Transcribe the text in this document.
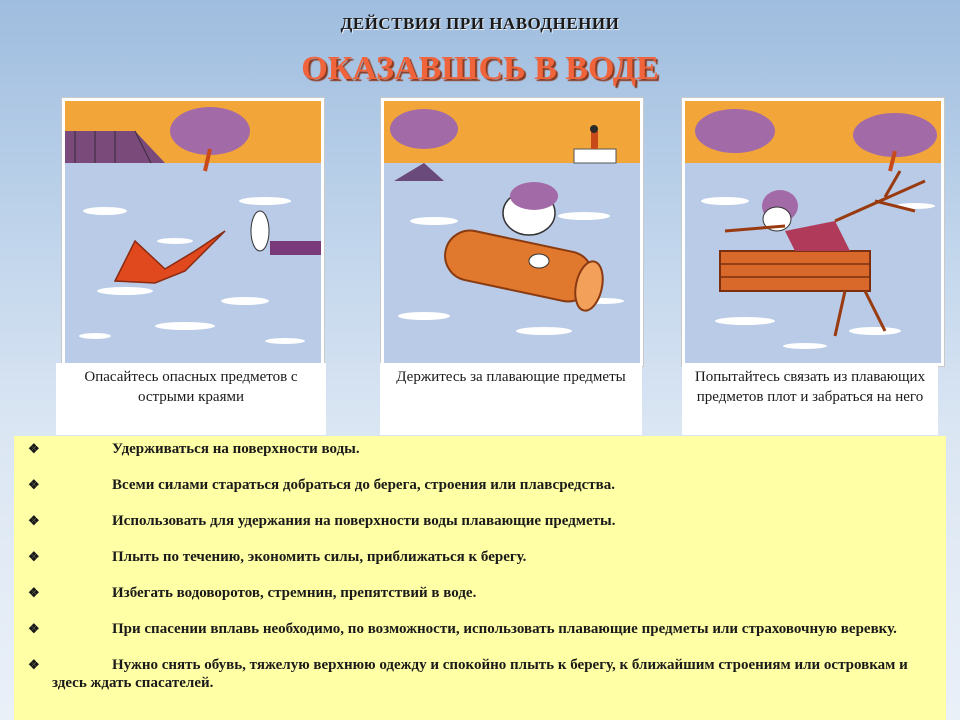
ДЕЙСТВИЯ ПРИ НАВОДНЕНИИ
ОКАЗАВШСЬ В ВОДЕ
Опасайтесь опасных предметов с острыми краями
Держитесь за плавающие предметы	Попытайтесь связать из плавающих предметов плот и забраться на него
❖	Удерживаться на поверхности воды.
❖	Всеми силами стараться добраться до берега, строения или плавсредства.
❖	Использовать для удержания на поверхности воды плавающие предметы.
❖	Плыть по течению, экономить силы, приближаться к берегу.
❖	Избегать водоворотов, стремнин, препятствий в воде.
❖	При спасении вплавь необходимо, по возможности, использовать плавающие предметы или страховочную веревку.
❖	Нужно снять обувь, тяжелую верхнюю одежду и спокойно плыть к берегу, к ближайшим строениям или островкам и здесь ждать спасателей.
